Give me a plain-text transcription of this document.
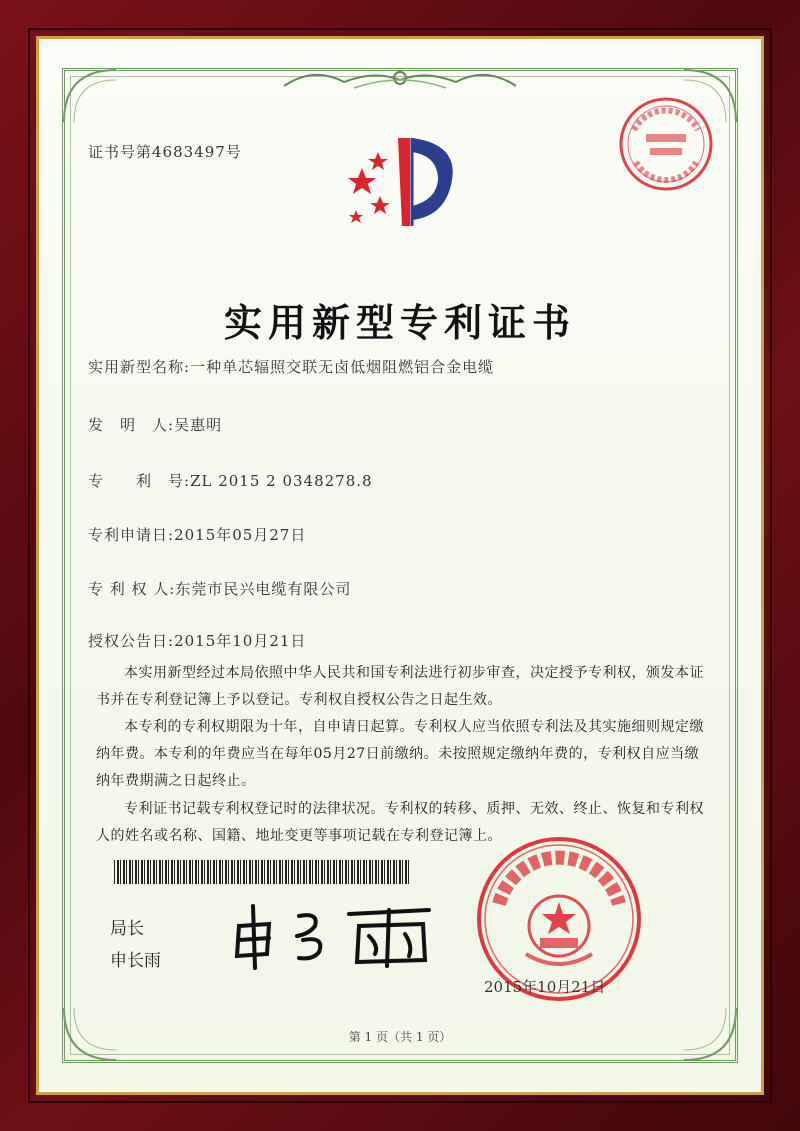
证书号第4683497号
实用新型专利证书
实用新型名称:一种单芯辐照交联无卤低烟阻燃铝合金电缆
发　明　人:吴惠明
专　　利　号:ZL 2015 2 0348278.8
专利申请日:2015年05月27日
专 利 权 人:东莞市民兴电缆有限公司
授权公告日:2015年10月21日
本实用新型经过本局依照中华人民共和国专利法进行初步审查，决定授予专利权，颁发本证书并在专利登记簿上予以登记。专利权自授权公告之日起生效。
本专利的专利权期限为十年，自申请日起算。专利权人应当依照专利法及其实施细则规定缴纳年费。本专利的年费应当在每年05月27日前缴纳。未按照规定缴纳年费的，专利权自应当缴纳年费期满之日起终止。
专利证书记载专利权登记时的法律状况。专利权的转移、质押、无效、终止、恢复和专利权人的姓名或名称、国籍、地址变更等事项记载在专利登记簿上。
局长
申长雨
2015年10月21日
第 1 页（共 1 页）
